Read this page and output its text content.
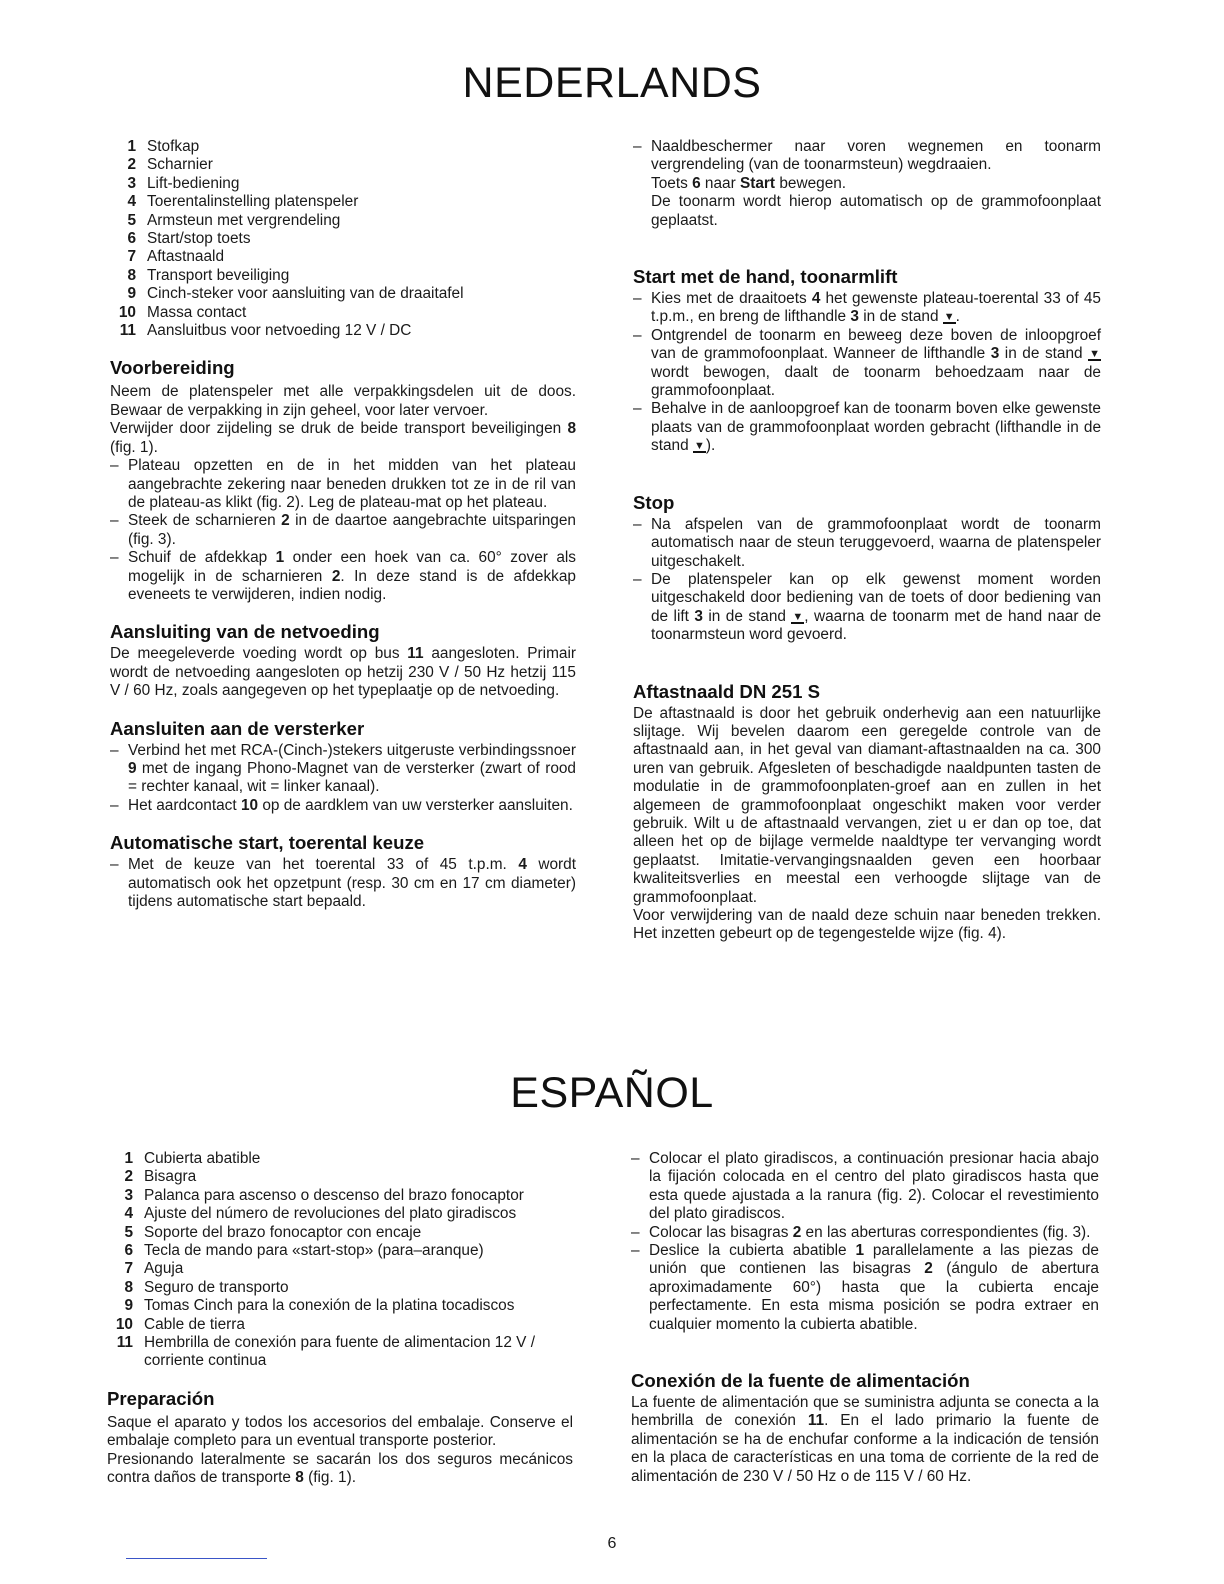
NEDERLANDS
1 Stofkap
2 Scharnier
3 Lift-bediening
4 Toerentalinstelling platenspeler
5 Armsteun met vergrendeling
6 Start/stop toets
7 Aftastnaald
8 Transport beveiliging
9 Cinch-steker voor aansluiting van de draaitafel
10 Massa contact
11 Aansluitbus voor netvoeding 12 V / DC
Voorbereiding

Neem de platenspeler met alle verpakkingsdelen uit de doos. Bewaar de verpakking in zijn geheel, voor later vervoer.

Verwijder door zijdeling se druk de beide transport beveiligingen 8 (fig. 1).

– Plateau opzetten en de in het midden van het plateau aangebrachte zekering naar beneden drukken tot ze in de ril van de plateau-as klikt (fig. 2). Leg de plateau-mat op het plateau.

– Steek de scharnieren 2 in de daartoe aangebrachte uitsparingen (fig. 3).

– Schuif de afdekkap 1 onder een hoek van ca. 60° zover als mogelijk in de scharnieren 2. In deze stand is de afdekkap eveneets te verwijderen, indien nodig.

Aansluiting van de netvoeding

De meegeleverde voeding wordt op bus 11 aangesloten. Primair wordt de netvoeding aangesloten op hetzij 230 V / 50 Hz hetzij 115 V / 60 Hz, zoals aangegeven op het typeplaatje op de netvoeding.

Aansluiten aan de versterker

– Verbind het met RCA-(Cinch-)stekers uitgeruste verbindingssnoer 9 met de ingang Phono-Magnet van de versterker (zwart of rood = rechter kanaal, wit = linker kanaal).

– Het aardcontact 10 op de aardklem van uw versterker aansluiten.

Automatische start, toerental keuze

– Met de keuze van het toerental 33 of 45 t.p.m. 4 wordt automatisch ook het opzetpunt (resp. 30 cm en 17 cm diameter) tijdens automatische start bepaald.

– Naaldbeschermer naar voren wegnemen en toonarm vergrendeling (van de toonarmsteun) wegdraaien.

Toets 6 naar Start bewegen.

De toonarm wordt hierop automatisch op de grammofoonplaat geplaatst.

Start met de hand, toonarmlift

– Kies met de draaitoets 4 het gewenste plateau-toerental 33 of 45 t.p.m., en breng de lifthandle 3 in de stand ▼.

– Ontgrendel de toonarm en beweeg deze boven de inloopgroef van de grammofoonplaat. Wanneer de lifthandle 3 in de stand ▼ wordt bewogen, daalt de toonarm behoedzaam naar de grammofoonplaat.

– Behalve in de aanloopgroef kan de toonarm boven elke gewenste plaats van de grammofoonplaat worden gebracht (lifthandle in de stand ▼).

Stop

– Na afspelen van de grammofoonplaat wordt de toonarm automatisch naar de steun teruggevoerd, waarna de platenspeler uitgeschakelt.

– De platenspeler kan op elk gewenst moment worden uitgeschakeld door bediening van de toets of door bediening van de lift 3 in de stand ▼, waarna de toonarm met de hand naar de toonarmsteun word gevoerd.

Aftastnaald DN 251 S

De aftastnaald is door het gebruik onderhevig aan een natuurlijke slijtage. Wij bevelen daarom een geregelde controle van de aftastnaald aan, in het geval van diamant-aftastnaalden na ca. 300 uren van gebruik. Afgesleten of beschadigde naaldpunten tasten de modulatie in de grammofoonplaten-groef aan en zullen in het algemeen de grammofoonplaat ongeschikt maken voor verder gebruik. Wilt u de aftastnaald vervangen, ziet u er dan op toe, dat alleen het op de bijlage vermelde naaldtype ter vervanging wordt geplaatst. Imitatie-vervangingsnaalden geven een hoorbaar kwaliteitsverlies en meestal een verhoogde slijtage van de grammofoonplaat.

Voor verwijdering van de naald deze schuin naar beneden trekken. Het inzetten gebeurt op de tegengestelde wijze (fig. 4).

ESPAÑOL
1 Cubierta abatible
2 Bisagra
3 Palanca para ascenso o descenso del brazo fonocaptor
4 Ajuste del número de revoluciones del plato giradiscos
5 Soporte del brazo fonocaptor con encaje
6 Tecla de mando para «start-stop» (para–aranque)
7 Aguja
8 Seguro de transporto
9 Tomas Cinch para la conexión de la platina tocadiscos
10 Cable de tierra
11 Hembrilla de conexión para fuente de alimentacion 12 V / corriente continua
Preparación

Saque el aparato y todos los accesorios del embalaje. Conserve el embalaje completo para un eventual transporte posterior.

Presionando lateralmente se sacarán los dos seguros mecánicos contra daños de transporte 8 (fig. 1).

– Colocar el plato giradiscos, a continuación presionar hacia abajo la fijación colocada en el centro del plato giradiscos hasta que esta quede ajustada a la ranura (fig. 2). Colocar el revestimiento del plato giradiscos.

– Colocar las bisagras 2 en las aberturas correspondientes (fig. 3).

– Deslice la cubierta abatible 1 parallelamente a las piezas de unión que contienen las bisagras 2 (ángulo de abertura aproximadamente 60°) hasta que la cubierta encaje perfectamente. En esta misma posición se podra extraer en cualquier momento la cubierta abatible.

Conexión de la fuente de alimentación

La fuente de alimentación que se suministra adjunta se conecta a la hembrilla de conexión 11. En el lado primario la fuente de alimentación se ha de enchufar conforme a la indicación de tensión en la placa de características en una toma de corriente de la red de alimentación de 230 V / 50 Hz o de 115 V / 60 Hz.

6
